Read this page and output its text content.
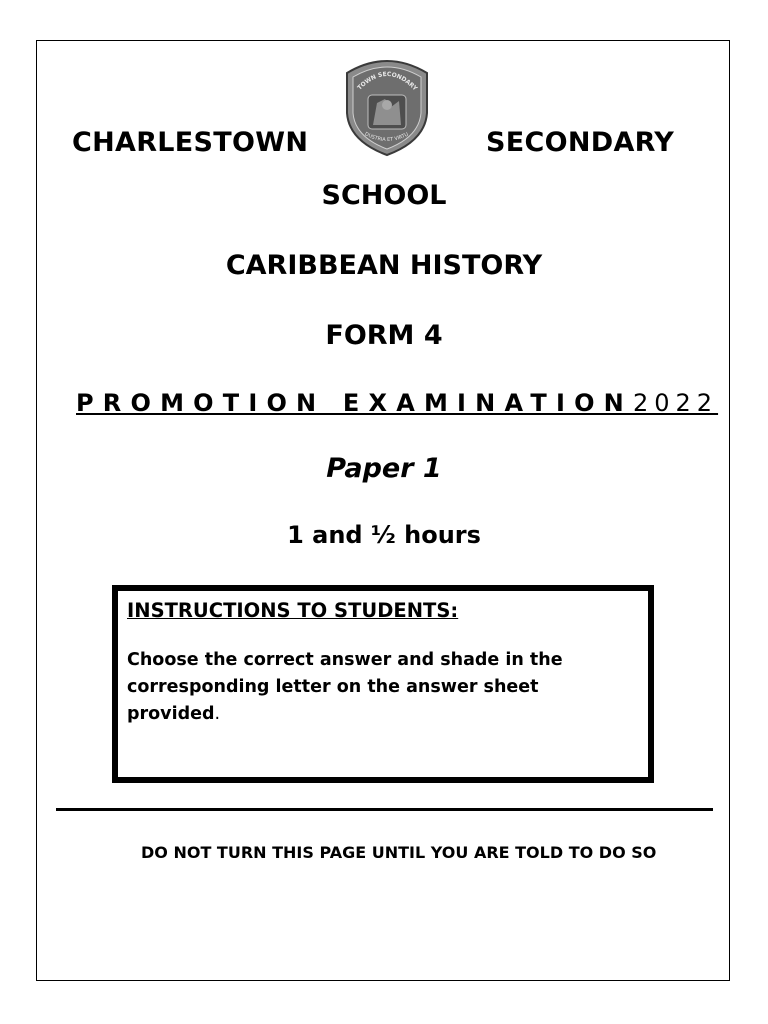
TOWN SECONDARY
DUSTRIA ET VIRTU
CHARLESTOWN	SECONDARY
SCHOOL
CARIBBEAN HISTORY
FORM 4
PROMOTION EXAMINATION2022
Paper 1
1 and ½ hours
INSTRUCTIONS TO STUDENTS:
Choose the correct answer and shade in the corresponding letter on the answer sheet provided.
DO NOT TURN THIS PAGE UNTIL YOU ARE TOLD TO DO SO
